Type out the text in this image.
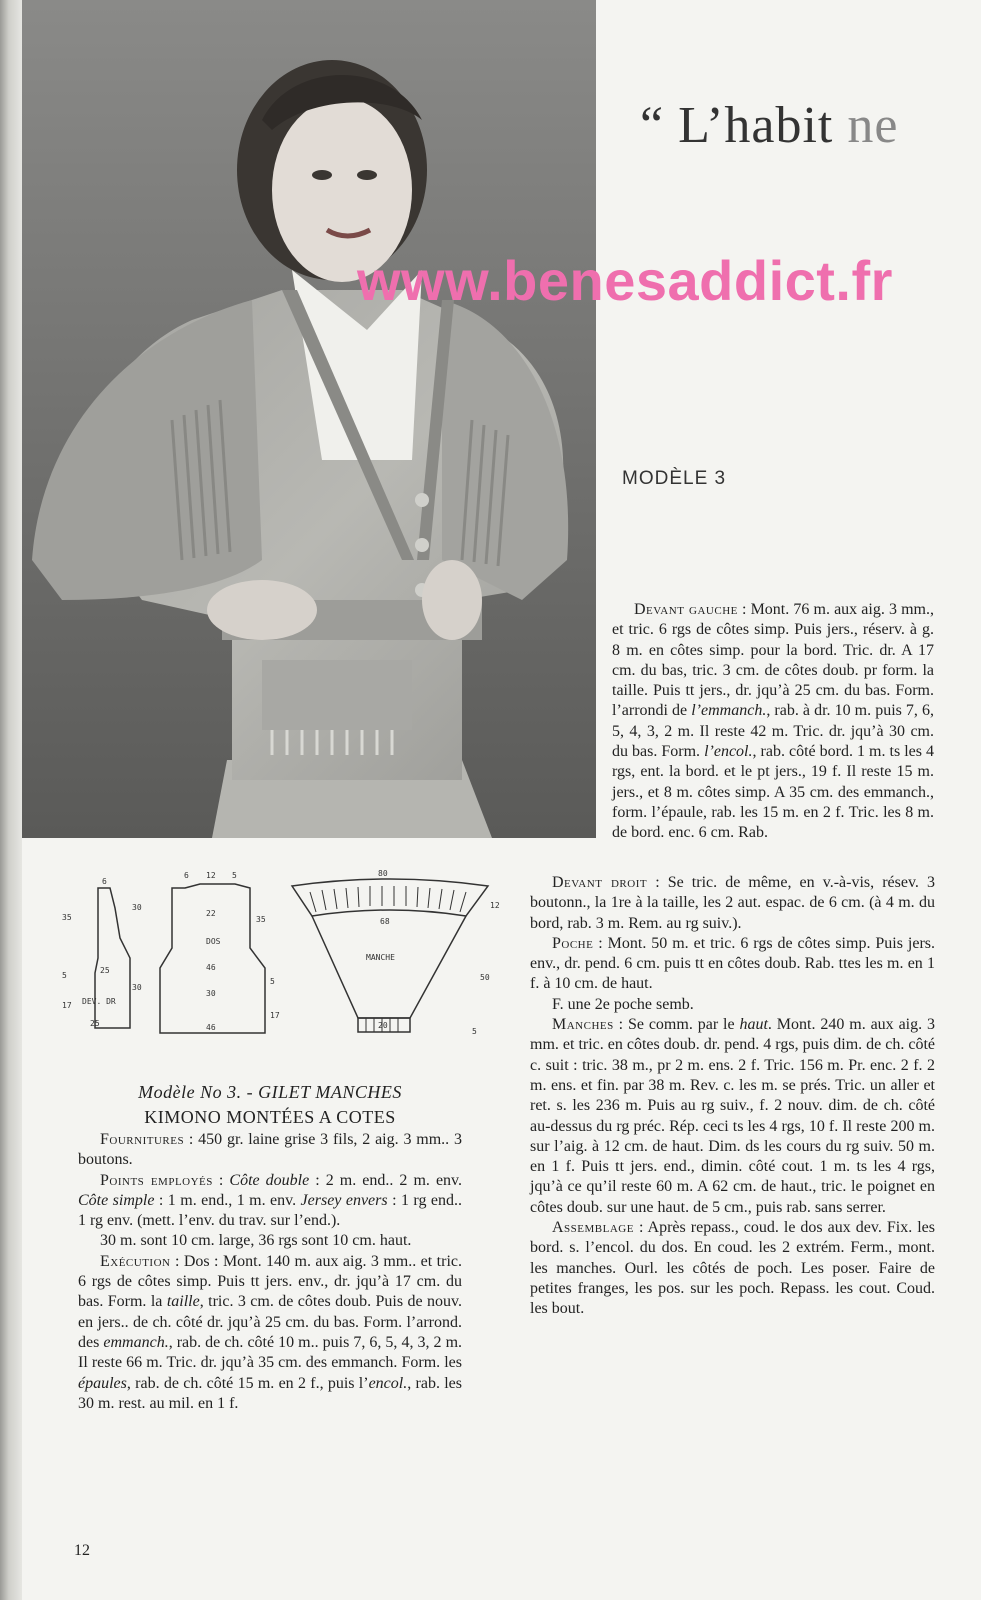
“ L’habit ne
www.benesaddict.fr
MODÈLE 3
6
30
35
25
30
17
5
DEV. DR
25
6 12 5
22
35
DOS
46
5
30
46
17
80
68
12
MANCHE
50
5
20
Modèle No 3. - GILET MANCHES
KIMONO MONTÉES A COTES

Fournitures : 450 gr. laine grise 3 fils, 2 aig. 3 mm.. 3 boutons.

Points employés : Côte double : 2 m. end.. 2 m. env. Côte simple : 1 m. end., 1 m. env. Jersey envers : 1 rg end.. 1 rg env. (mett. l’env. du trav. sur l’end.).

30 m. sont 10 cm. large, 36 rgs sont 10 cm. haut.

Exécution : Dos : Mont. 140 m. aux aig. 3 mm.. et tric. 6 rgs de côtes simp. Puis tt jers. env., dr. jqu’à 17 cm. du bas. Form. la taille, tric. 3 cm. de côtes doub. Puis de nouv. en jers.. de ch. côté dr. jqu’à 25 cm. du bas. Form. l’arrond. des emmanch., rab. de ch. côté 10 m.. puis 7, 6, 5, 4, 3, 2 m. Il reste 66 m. Tric. dr. jqu’à 35 cm. des emmanch. Form. les épaules, rab. de ch. côté 15 m. en 2 f., puis l’encol., rab. les 30 m. rest. au mil. en 1 f.

Devant gauche : Mont. 76 m. aux aig. 3 mm., et tric. 6 rgs de côtes simp. Puis jers., réserv. à g. 8 m. en côtes simp. pour la bord. Tric. dr. A 17 cm. du bas, tric. 3 cm. de côtes doub. pr form. la taille. Puis tt jers., dr. jqu’à 25 cm. du bas. Form. l’arrondi de l’emmanch., rab. à dr. 10 m. puis 7, 6, 5, 4, 3, 2 m. Il reste 42 m. Tric. dr. jqu’à 30 cm. du bas. Form. l’encol., rab. côté bord. 1 m. ts les 4 rgs, ent. la bord. et le pt jers., 19 f. Il reste 15 m. jers., et 8 m. côtes simp. A 35 cm. des emmanch., form. l’épaule, rab. les 15 m. en 2 f. Tric. les 8 m. de bord. enc. 6 cm. Rab.

Devant droit : Se tric. de même, en v.-à-vis, résev. 3 boutonn., la 1re à la taille, les 2 aut. espac. de 6 cm. (à 4 m. du bord, rab. 3 m. Rem. au rg suiv.).

Poche : Mont. 50 m. et tric. 6 rgs de côtes simp. Puis jers. env., dr. pend. 6 cm. puis tt en côtes doub. Rab. ttes les m. en 1 f. à 10 cm. de haut.

F. une 2e poche semb.

Manches : Se comm. par le haut. Mont. 240 m. aux aig. 3 mm. et tric. en côtes doub. dr. pend. 4 rgs, puis dim. de ch. côté c. suit : tric. 38 m., pr 2 m. ens. 2 f. Tric. 156 m. Pr. enc. 2 f. 2 m. ens. et fin. par 38 m. Rev. c. les m. se prés. Tric. un aller et ret. s. les 236 m. Puis au rg suiv., f. 2 nouv. dim. de ch. côté au-dessus du rg préc. Rép. ceci ts les 4 rgs, 10 f. Il reste 200 m. sur l’aig. à 12 cm. de haut. Dim. ds les cours du rg suiv. 50 m. en 1 f. Puis tt jers. end., dimin. côté cout. 1 m. ts les 4 rgs, jqu’à ce qu’il reste 60 m. A 62 cm. de haut., tric. le poignet en côtes doub. sur une haut. de 5 cm., puis rab. sans serrer.

Assemblage : Après repass., coud. le dos aux dev. Fix. les bord. s. l’encol. du dos. En coud. les 2 extrém. Ferm., mont. les manches. Ourl. les côtés de poch. Les poser. Faire de petites franges, les pos. sur les poch. Repass. les cout. Coud. les bout.

12
